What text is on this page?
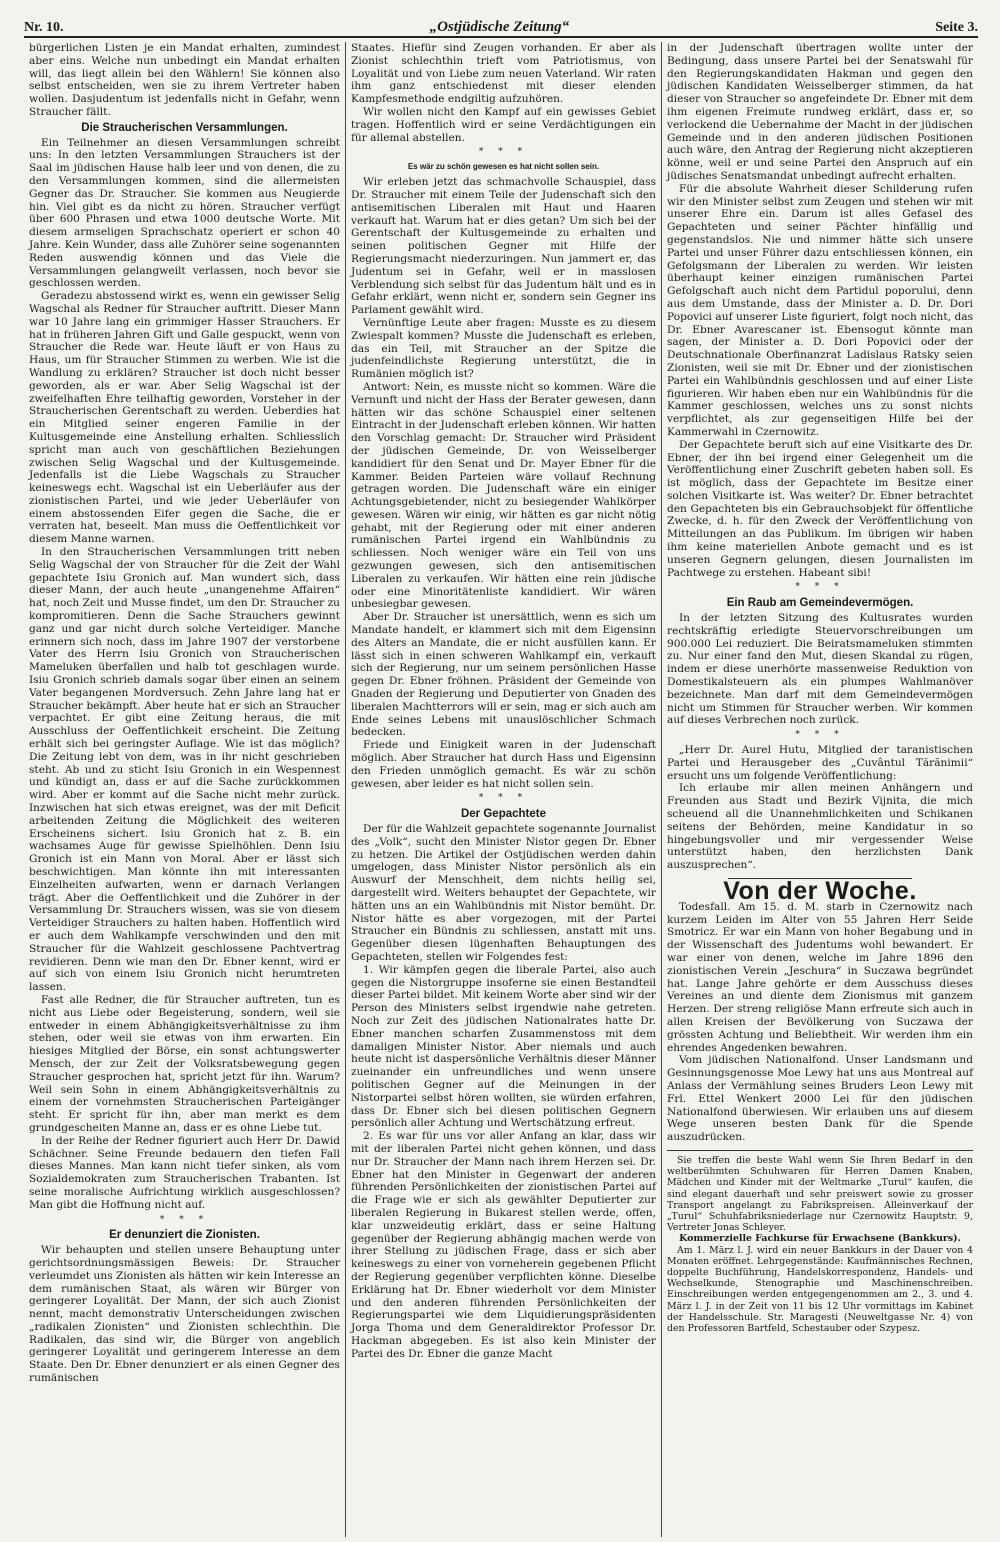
Nr. 10.	„Ostjüdische Zeitung“	Seite 3.

bürgerlichen Listen je ein Mandat erhalten, zumindest aber eins. Welche nun unbedingt ein Mandat erhalten will, das liegt allein bei den Wählern! Sie können also selbst entscheiden, wen sie zu ihrem Vertreter haben wollen. Dasjudentum ist jedenfalls nicht in Gefahr, wenn Straucher fällt.

Die Straucherischen Versammlungen.

Ein Teilnehmer an diesen Versammlungen schreibt uns: In den letzten Versammlungen Strauchers ist der Saal im jüdischen Hause halb leer und von denen, die zu den Versammlungen kommen, sind die allermeisten Gegner das Dr. Straucher. Sie kommen aus Neugierde hin. Viel gibt es da nicht zu hören. Straucher verfügt über 600 Phrasen und etwa 1000 deutsche Worte. Mit diesem armseligen Sprachschatz operiert er schon 40 Jahre. Kein Wunder, dass alle Zuhörer seine sogenannten Reden auswendig können und das Viele die Versammlungen gelangweilt verlassen, noch bevor sie geschlossen werden.

Geradezu abstossend wirkt es, wenn ein gewisser Selig Wagschal als Redner für Straucher auftritt. Dieser Mann war 10 Jahre lang ein grimmiger Hasser Strauchers. Er hat in früheren Jahren Gift und Galle gespuckt, wenn von Straucher die Rede war. Heute läuft er von Haus zu Haus, um für Straucher Stimmen zu werben. Wie ist die Wandlung zu erklären? Straucher ist doch nicht besser geworden, als er war. Aber Selig Wagschal ist der zweifelhaften Ehre teilhaftig geworden, Vorsteher in der Straucherischen Gerentschaft zu werden. Ueberdies hat ein Mitglied seiner engeren Familie in der Kultusgemeinde eine Anstellung erhalten. Schliesslich spricht man auch von geschäftlichen Beziehungen zwischen Selig Wagschal und der Kultusgemeinde. Jedenfalls ist die Liebe Wagschals zu Straucher keineswegs echt. Wagschal ist ein Ueberläufer aus der zionistischen Partei, und wie jeder Ueberläufer von einem abstossenden Eifer gegen die Sache, die er verraten hat, beseelt. Man muss die Oeffentlichkeit vor diesem Manne warnen.

In den Straucherischen Versammlungen tritt neben Selig Wagschal der von Straucher für die Zeit der Wahl gepachtete Isiu Gronich auf. Man wundert sich, dass dieser Mann, der auch heute „unangenehme Affairen“ hat, noch Zeit und Musse findet, um den Dr. Straucher zu kompromitieren. Denn die Sache Strauchers gewinnt ganz und gar nicht durch solche Verteidiger. Manche erinnern sich noch, dass im Jahre 1907 der verstorbene Vater des Herrn Isiu Gronich von Straucherischen Mameluken überfallen und halb tot geschlagen wurde. Isiu Gronich schrieb damals sogar über einen an seinem Vater begangenen Mordversuch. Zehn Jahre lang hat er Straucher bekämpft. Aber heute hat er sich an Straucher verpachtet. Er gibt eine Zeitung heraus, die mit Ausschluss der Oeffentlichkeit erscheint. Die Zeitung erhält sich bei geringster Auflage. Wie ist das möglich? Die Zeitung lebt von dem, was in ihr nicht geschrieben steht. Ab und zu sticht Isiu Gronich in ein Wespennest und kündigt an, dass er auf die Sache zurückkommen wird. Aber er kommt auf die Sache nicht mehr zurück. Inzwischen hat sich etwas ereignet, was der mit Deficit arbeitenden Zeitung die Möglichkeit des weiteren Erscheinens sichert. Isiu Gronich hat z. B. ein wachsames Auge für gewisse Spielhöhlen. Denn Isiu Gronich ist ein Mann von Moral. Aber er lässt sich beschwichtigen. Man könnte ihn mit interessanten Einzelheiten aufwarten, wenn er darnach Verlangen trägt. Aber die Oeffentlichkeit und die Zuhörer in der Versammlung Dr. Strauchers wissen, was sie von diesem Verteidiger Strauchers zu halten haben. Hoffentlich wird er auch dem Wahlkampfe verschwinden und den mit Straucher für die Wahlzeit geschlossene Pachtvertrag revidieren. Denn wie man den Dr. Ebner kennt, wird er auf sich von einem Isiu Gronich nicht herumtreten lassen.

Fast alle Redner, die für Straucher auftreten, tun es nicht aus Liebe oder Begeisterung, sondern, weil sie entweder in einem Abhängigkeitsverhältnisse zu ihm stehen, oder weil sie etwas von ihm erwarten. Ein hiesiges Mitglied der Börse, ein sonst achtungswerter Mensch, der zur Zeit der Volksratsbewegung gegen Straucher gesprochen hat, spricht jetzt für ihn. Warum? Weil sein Sohn in einem Abhängigkeitsverhältnis zu einem der vornehmsten Straucherischen Parteigänger steht. Er spricht für ihn, aber man merkt es dem grundgescheiten Manne an, dass er es ohne Liebe tut.

In der Reihe der Redner figuriert auch Herr Dr. Dawid Schächner. Seine Freunde bedauern den tiefen Fall dieses Mannes. Man kann nicht tiefer sinken, als vom Sozialdemokraten zum Straucherischen Trabanten. Ist seine moralische Aufrichtung wirklich ausgeschlossen? Man gibt die Hoffnung nicht auf.

* * *
Er denunziert die Zionisten.

Wir behaupten und stellen unsere Behauptung unter gerichtsordnungsmässigen Beweis: Dr. Straucher verleumdet uns Zionisten als hätten wir kein Interesse an dem rumänischen Staat, als wären wir Bürger von geringerer Loyalität. Der Mann, der sich auch Zionist nennt, macht demonstrativ Unterscheidungen zwischen „radikalen Zionisten“ und Zionisten schlechthin. Die Radikalen, das sind wir, die Bürger von angeblich geringerer Loyalität und geringerem Interesse an dem Staate. Den Dr. Ebner denunziert er als einen Gegner des rumänischen

Staates. Hiefür sind Zeugen vorhanden. Er aber als Zionist schlechthin trieft vom Patriotismus, von Loyalität und von Liebe zum neuen Vaterland. Wir raten ihm ganz entschiedenst mit dieser elenden Kampfesmethode endgiltig aufzuhören.

Wir wollen nicht den Kampf auf ein gewisses Gebiet tragen. Hoffentlich wird er seine Verdächtigungen ein für allemal abstellen.

* * *
Es wär zu schön gewesen es hat nicht sollen sein.

Wir erleben jetzt das schmachvolle Schauspiel, dass Dr. Straucher mit einem Teile der Judenschaft sich den antisemitischen Liberalen mit Haut und Haaren verkauft hat. Warum hat er dies getan? Um sich bei der Gerentschaft der Kultusgemeinde zu erhalten und seinen politischen Gegner mit Hilfe der Regierungsmacht niederzuringen. Nun jammert er, das Judentum sei in Gefahr, weil er in masslosen Verblendung sich selbst für das Judentum hält und es in Gefahr erklärt, wenn nicht er, sondern sein Gegner ins Parlament gewählt wird.

Vernünftige Leute aber fragen: Musste es zu diesem Zwiespalt kommen? Musste die Judenschaft es erleben, das ein Teil, mit Straucher an der Spitze die judenfeindlichste Regierung unterstützt, die in Rumänien möglich ist?

Antwort: Nein, es musste nicht so kommen. Wäre die Vernunft und nicht der Hass der Berater gewesen, dann hätten wir das schöne Schauspiel einer seltenen Eintracht in der Judenschaft erleben können. Wir hatten den Vorschlag gemacht: Dr. Straucher wird Präsident der jüdischen Gemeinde, Dr. von Weisselberger kandidiert für den Senat und Dr. Mayer Ebner für die Kammer. Beiden Parteien wäre vollauf Rechnung getragen worden. Die Judenschaft wäre ein einiger Achtungsgebietender, nicht zu besiegender Wahlkörper gewesen. Wären wir einig, wir hätten es gar nicht nötig gehabt, mit der Regierung oder mit einer anderen rumänischen Partei irgend ein Wahlbündnis zu schliessen. Noch weniger wäre ein Teil von uns gezwungen gewesen, sich den antisemitischen Liberalen zu verkaufen. Wir hätten eine rein jüdische oder eine Minoritätenliste kandidiert. Wir wären unbesiegbar gewesen.

Aber Dr. Straucher ist unersättlich, wenn es sich um Mandate handelt, er klammert sich mit dem Eigensinn des Alters an Mandate, die er nicht ausfüllen kann. Er lässt sich in einen schweren Wahlkampf ein, verkauft sich der Regierung, nur um seinem persönlichen Hasse gegen Dr. Ebner fröhnen. Präsident der Gemeinde von Gnaden der Regierung und Deputierter von Gnaden des liberalen Machtterrors will er sein, mag er sich auch am Ende seines Lebens mit unauslöschlicher Schmach bedecken.

Friede und Einigkeit waren in der Judenschaft möglich. Aber Straucher hat durch Hass und Eigensinn den Frieden unmöglich gemacht. Es wär zu schön gewesen, aber leider es hat nicht sollen sein.

* * *
Der Gepachtete

Der für die Wahlzeit gepachtete sogenannte Journalist des „Volk“, sucht den Minister Nistor gegen Dr. Ebner zu hetzen. Die Artikel der Ostjüdischen werden dahin umgelogen, dass Minister Nistor persönlich als ein Auswurf der Menschheit, dem nichts heilig sei, dargestellt wird. Weiters behauptet der Gepachtete, wir hätten uns an ein Wahlbündnis mit Nistor bemüht. Dr. Nistor hätte es aber vorgezogen, mit der Partei Straucher ein Bündnis zu schliessen, anstatt mit uns. Gegenüber diesen lügenhaften Behauptungen des Gepachteten, stellen wir Folgendes fest:

1. Wir kämpfen gegen die liberale Partei, also auch gegen die Nistorgruppe insoferne sie einen Bestandteil dieser Partei bildet. Mit keinem Worte aber sind wir der Person des Ministers selbst irgendwie nahe getreten. Noch zur Zeit des jüdischen Nationalrates hatte Dr. Ebner manchen scharfen Zusammenstoss mit dem damaligen Minister Nistor. Aber niemals und auch heute nicht ist daspersönliche Verhältnis dieser Männer zueinander ein unfreundliches und wenn unsere politischen Gegner auf die Meinungen in der Nistorpartei selbst hören wollten, sie würden erfahren, dass Dr. Ebner sich bei diesen politischen Gegnern persönlich aller Achtung und Wertschätzung erfreut.

2. Es war für uns vor aller Anfang an klar, dass wir mit der liberalen Partei nicht gehen können, und dass nur Dr. Straucher der Mann nach ihrem Herzen sei. Dr. Ebner hat den Minister in Gegenwart der anderen führenden Persönlichkeiten der zionistischen Partei auf die Frage wie er sich als gewählter Deputierter zur liberalen Regierung in Bukarest stellen werde, offen, klar unzweideutig erklärt, dass er seine Haltung gegenüber der Regierung abhängig machen werde von ihrer Stellung zu jüdischen Frage, dass er sich aber keineswegs zu einer von vorneherein gegebenen Pflicht der Regierung gegenüber verpflichten könne. Dieselbe Erklärung hat Dr. Ebner wiederholt vor dem Minister und den anderen führenden Persönlichkeiten der Regierungspartei wie dem Liquidierungspräsidenten Jorga Thoma und dem Generaldirektor Professor Dr. Hackman abgegeben. Es ist also kein Minister der Partei des Dr. Ebner die ganze Macht

in der Judenschaft übertragen wollte unter der Bedingung, dass unsere Partei bei der Senatswahl für den Regierungskandidaten Hakman und gegen den jüdischen Kandidaten Weisselberger stimmen, da hat dieser von Straucher so angefeindete Dr. Ebner mit dem ihm eigenen Freimute rundweg erklärt, dass er, so verlockend die Uebernahme der Macht in der jüdischen Gemeinde und in den anderen jüdischen Positionen auch wäre, den Antrag der Regierung nicht akzeptieren könne, weil er und seine Partei den Anspruch auf ein jüdisches Senatsmandat unbedingt aufrecht erhalten.

Für die absolute Wahrheit dieser Schilderung rufen wir den Minister selbst zum Zeugen und stehen wir mit unserer Ehre ein. Darum ist alles Gefasel des Gepachteten und seiner Pächter hinfällig und gegenstandslos. Nie und nimmer hätte sich unsere Partei und unser Führer dazu entschliessen können, ein Gefolgsmann der Liberalen zu werden. Wir leisten überhaupt keiner einzigen rumänischen Partei Gefolgschaft auch nicht dem Partidul poporului, denn aus dem Umstande, dass der Minister a. D. Dr. Dori Popovici auf unserer Liste figuriert, folgt noch nicht, das Dr. Ebner Avarescaner ist. Ebensogut könnte man sagen, der Minister a. D. Dori Popovici oder der Deutschnationale Oberfinanzrat Ladislaus Ratsky seien Zionisten, weil sie mit Dr. Ebner und der zionistischen Partei ein Wahlbündnis geschlossen und auf einer Liste figurieren. Wir haben eben nur ein Wahlbündnis für die Kammer geschlossen, welches uns zu sonst nichts verpflichtet, als zur gegenseitigen Hilfe bei der Kammerwahl in Czernowitz.

Der Gepachtete beruft sich auf eine Visitkarte des Dr. Ebner, der ihn bei irgend einer Gelegenheit um die Veröffentlichung einer Zuschrift gebeten haben soll. Es ist möglich, dass der Gepachtete im Besitze einer solchen Visitkarte ist. Was weiter? Dr. Ebner betrachtet den Gepachteten bis ein Gebrauchsobjekt für öffentliche Zwecke, d. h. für den Zweck der Veröffentlichung von Mitteilungen an das Publikum. Im übrigen wir haben ihm keine materiellen Anbote gemacht und es ist unseren Gegnern gelungen, diesen Journalisten im Pachtwege zu erstehen. Habeant sibi!

* * *
Ein Raub am Gemeindevermögen.

In der letzten Sitzung des Kultusrates wurden rechtskräftig erledigte Steuervorschreibungen um 900.000 Lei reduziert. Die Beiratsmameluken stimmten zu. Nur einer fand den Mut, diesen Skandal zu rügen, indem er diese unerhörte massenweise Reduktion von Domestikalsteuern als ein plumpes Wahlmanöver bezeichnete. Man darf mit dem Gemeindevermögen nicht um Stimmen für Straucher werben. Wir kommen auf dieses Verbrechen noch zurück.

* * *

„Herr Dr. Aurel Hutu, Mitglied der taranistischen Partei und Herausgeber des „Cuvântul Tărănimii“ ersucht uns um folgende Veröffentlichung:

Ich erlaube mir allen meinen Anhängern und Freunden aus Stadt und Bezirk Vijnita, die mich scheuend all die Unannehmlichkeiten und Schikanen seitens der Behörden, meine Kandidatur in so hingebungsvoller und mir vergessender Weise unterstützt haben, den herzlichsten Dank auszusprechen“.

Von der Woche.

Todesfall. Am 15. d. M. starb in Czernowitz nach kurzem Leiden im Alter von 55 Jahren Herr Seide Smotricz. Er war ein Mann von hoher Begabung und in der Wissenschaft des Judentums wohl bewandert. Er war einer von denen, welche im Jahre 1896 den zionistischen Verein „Jeschura“ in Suczawa begründet hat. Lange Jahre gehörte er dem Ausschuss dieses Vereines an und diente dem Zionismus mit ganzem Herzen. Der streng religiöse Mann erfreute sich auch in allen Kreisen der Bevölkerung von Suczawa der grössten Achtung und Beliebtheit. Wir werden ihm ein ehrendes Angedenken bewahren.

Vom jüdischen Nationalfond. Unser Landsmann und Gesinnungsgenosse Moe Lewy hat uns aus Montreal auf Anlass der Vermählung seines Bruders Leon Lewy mit Frl. Ettel Wenkert 2000 Lei für den jüdischen Nationalfond überwiesen. Wir erlauben uns auf diesem Wege unseren besten Dank für die Spende auszudrücken.

Sie treffen die beste Wahl wenn Sie Ihren Bedarf in den weltberühmten Schuhwaren für Herren Damen Knaben, Mädchen und Kinder mit der Weltmarke „Turul“ kaufen, die sind elegant dauerhaft und sehr preiswert sowie zu grosser Transport angelangt zu Fabrikspreisen. Alleinverkauf der „Turul“ Schuhfabriksniederlage nur Czernowitz Hauptstr. 9, Vertreter Jonas Schleyer.

Kommerzielle Fachkurse für Erwachsene (Bankkurs).

Am 1. März l. J. wird ein neuer Bankkurs in der Dauer von 4 Monaten eröffnet. Lehrgegenstände: Kaufmännisches Rechnen, doppelte Buchführung, Handelskorrespondenz, Handels- und Wechselkunde, Stenographie und Maschinenschreiben. Einschreibungen werden entgegengenommen am 2., 3. und 4. März l. J. in der Zeit von 11 bis 12 Uhr vormittags im Kabinet der Handelsschule. Str. Maragesti (Neuweltgasse Nr. 4) von den Professoren Bartfeld, Schestauber oder Szypesz.
